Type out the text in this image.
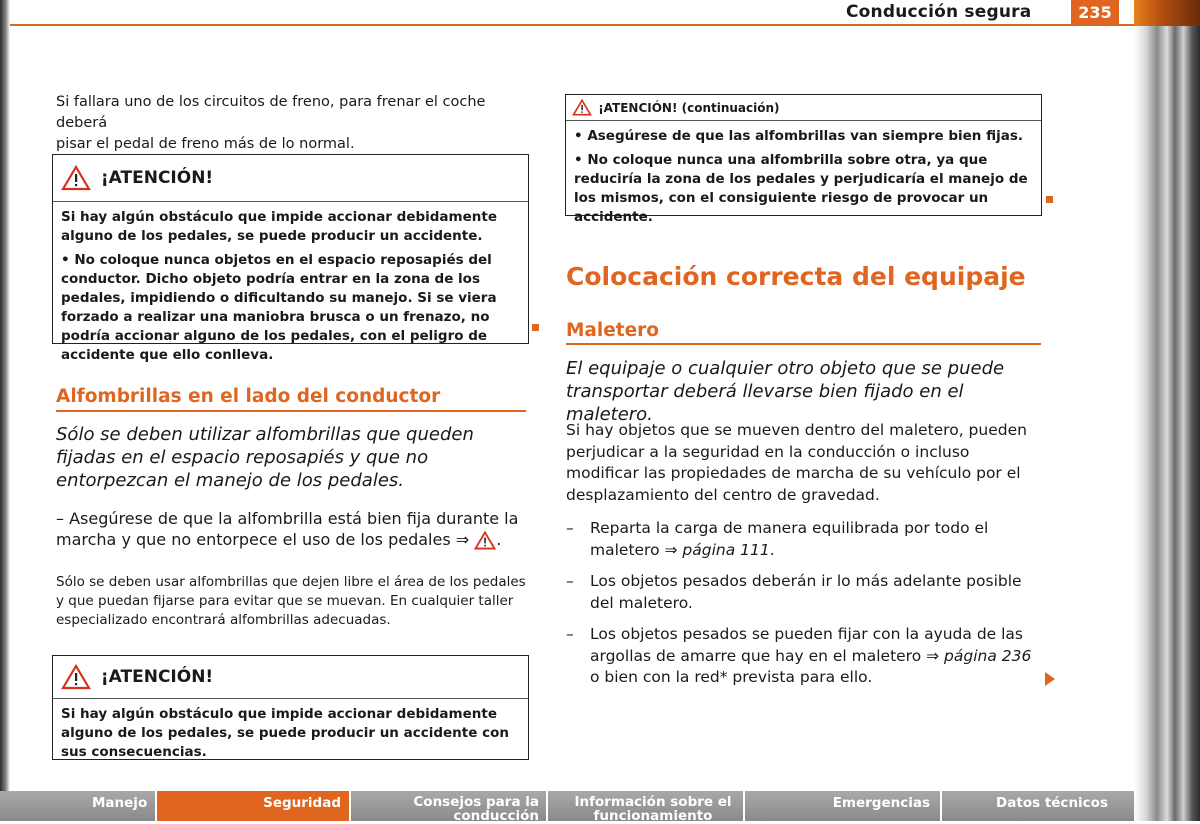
Conducción segura	235
Si fallara uno de los circuitos de freno, para frenar el coche deberá
pisar el pedal de freno más de lo normal.
¡ATENCIÓN!

Si hay algún obstáculo que impide accionar debidamente alguno de los pedales, se puede producir un accidente.

• No coloque nunca objetos en el espacio reposapiés del conductor. Dicho objeto podría entrar en la zona de los pedales, impidiendo o dificultando su manejo. Si se viera forzado a realizar una maniobra brusca o un frenazo, no podría accionar alguno de los pedales, con el peligro de accidente que ello conlleva.

Alfombrillas en el lado del conductor
Sólo se deben utilizar alfombrillas que queden fijadas en el espacio reposapiés y que no entorpezcan el manejo de los pedales.
– Asegúrese de que la alfombrilla está bien fija durante la marcha y que no entorpece el uso de los pedales ⇒ .
Sólo se deben usar alfombrillas que dejen libre el área de los pedales y que puedan fijarse para evitar que se muevan. En cualquier taller especializado encontrará alfombrillas adecuadas.
¡ATENCIÓN!

Si hay algún obstáculo que impide accionar debidamente alguno de los pedales, se puede producir un accidente con sus consecuencias.

¡ATENCIÓN! (continuación)

• Asegúrese de que las alfombrillas van siempre bien fijas.

• No coloque nunca una alfombrilla sobre otra, ya que reduciría la zona de los pedales y perjudicaría el manejo de los mismos, con el consiguiente riesgo de provocar un accidente.

Colocación correcta del equipaje
Maletero
El equipaje o cualquier otro objeto que se puede transportar deberá llevarse bien fijado en el maletero.
Si hay objetos que se mueven dentro del maletero, pueden perjudicar a la seguridad en la conducción o incluso modificar las propiedades de marcha de su vehículo por el desplazamiento del centro de gravedad.
–	Reparta la carga de manera equilibrada por todo el maletero ⇒ página 111.
–	Los objetos pesados deberán ir lo más adelante posible del maletero.
–	Los objetos pesados se pueden fijar con la ayuda de las argollas de amarre que hay en el maletero ⇒ página 236 o bien con la red* prevista para ello.
Manejo	Seguridad	Consejos para la conducción
Información sobre el funcionamiento
Emergencias	Datos técnicos
